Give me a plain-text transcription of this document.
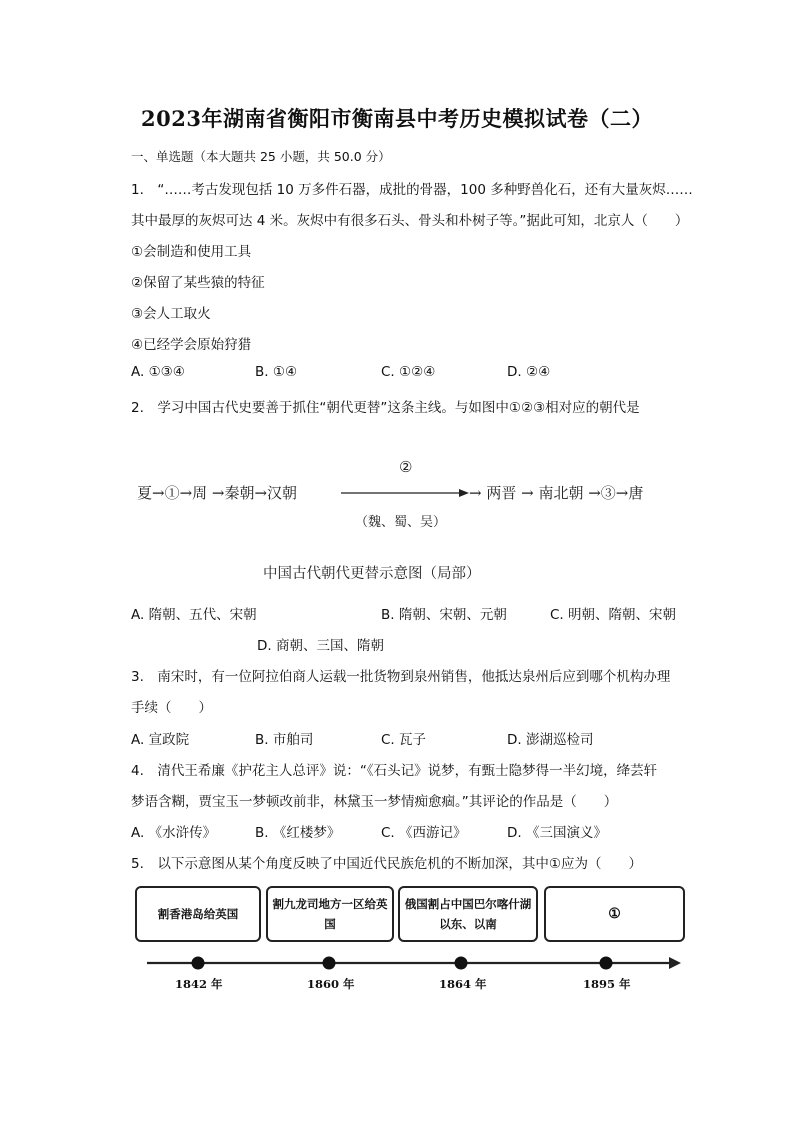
2023年湖南省衡阳市衡南县中考历史模拟试卷（二）
一、单选题（本大题共 25 小题，共 50.0 分）
1.　“……考古发现包括 10 万多件石器，成批的骨器，100 多种野兽化石，还有大量灰烬……
其中最厚的灰烬可达 4 米。灰烬中有很多石头、骨头和朴树子等。”据此可知，北京人（　　）
①会制造和使用工具
②保留了某些猿的特征
③会人工取火
④已经学会原始狩猎
A. ①③④	B. ①④	C. ①②④	D. ②④
2.　学习中国古代史要善于抓住“朝代更替”这条主线。与如图中①②③相对应的朝代是
夏→①→周 →秦朝→汉朝
②
（魏、蜀、吴）
→ 两晋 → 南北朝 →③→唐
中国古代朝代更替示意图（局部）
A. 隋朝、五代、宋朝	B. 隋朝、宋朝、元朝	C. 明朝、隋朝、宋朝
D. 商朝、三国、隋朝
3.　南宋时，有一位阿拉伯商人运载一批货物到泉州销售，他抵达泉州后应到哪个机构办理
手续（　　）
A. 宣政院	B. 市舶司	C. 瓦子	D. 澎湖巡检司
4.　清代王希廉《护花主人总评》说：“《石头记》说梦，有甄士隐梦得一半幻境，绛芸轩
梦语含糊，贾宝玉一梦顿改前非，林黛玉一梦情痴愈痼。”其评论的作品是（　　）
A. 《水浒传》	B. 《红楼梦》	C. 《西游记》	D. 《三国演义》
5.　以下示意图从某个角度反映了中国近代民族危机的不断加深，其中①应为（　　）
割香港岛给英国
割九龙司地方一区给英国
俄国割占中国巴尔喀什湖以东、以南
①
1842 年	1860 年	1864 年	1895 年
